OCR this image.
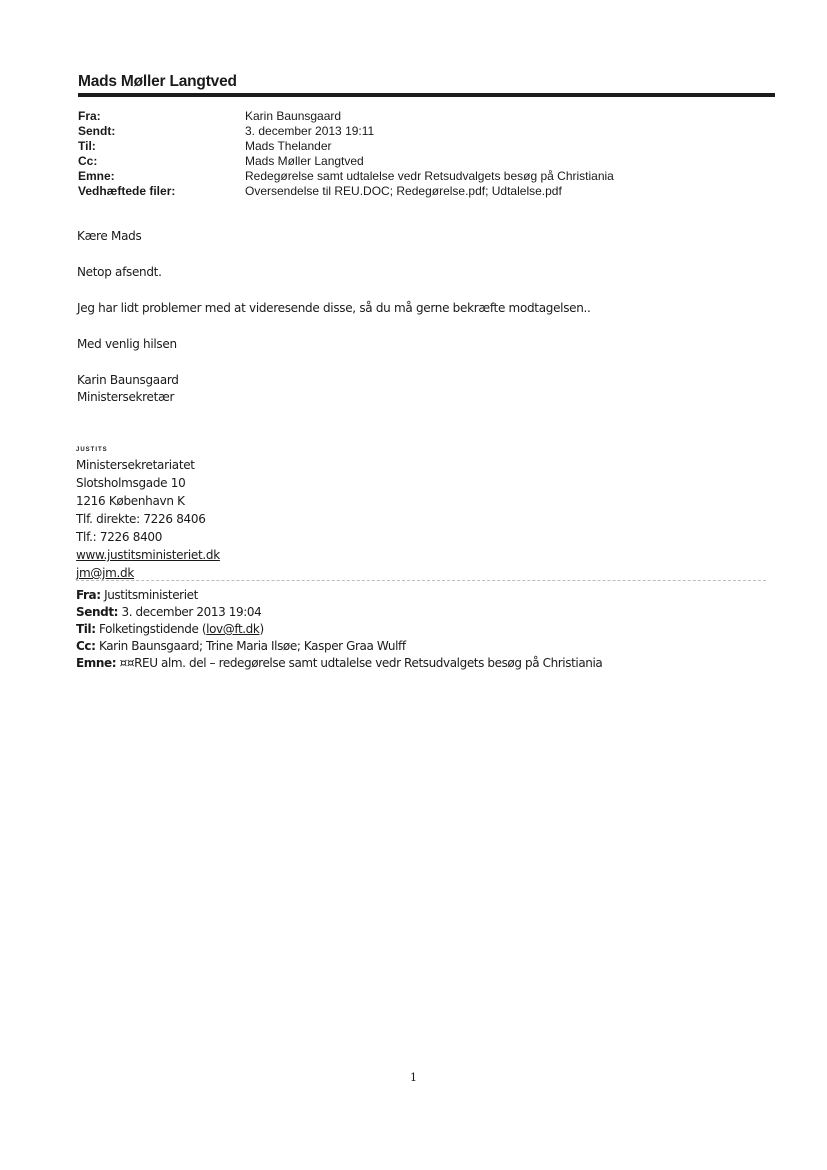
Mads Møller Langtved
Fra:
Sendt:
Til:
Cc:
Emne:
Vedhæftede filer:
Karin Baunsgaard
3. december 2013 19:11
Mads Thelander
Mads Møller Langtved
Redegørelse samt udtalelse vedr Retsudvalgets besøg på Christiania
Oversendelse til REU.DOC; Redegørelse.pdf; Udtalelse.pdf
Kære Mads
Netop afsendt.
Jeg har lidt problemer med at videresende disse, så du må gerne bekræfte modtagelsen..
Med venlig hilsen
Karin Baunsgaard
Ministersekretær
JUSTITS
Ministersekretariatet
Slotsholmsgade 10
1216 København K
Tlf. direkte: 7226 8406
Tlf.: 7226 8400
www.justitsministeriet.dk
jm@jm.dk
Fra: Justitsministeriet
Sendt: 3. december 2013 19:04
Til: Folketingstidende (lov@ft.dk)
Cc: Karin Baunsgaard; Trine Maria Ilsøe; Kasper Graa Wulff
Emne: ¤¤REU alm. del – redegørelse samt udtalelse vedr Retsudvalgets besøg på Christiania
1
